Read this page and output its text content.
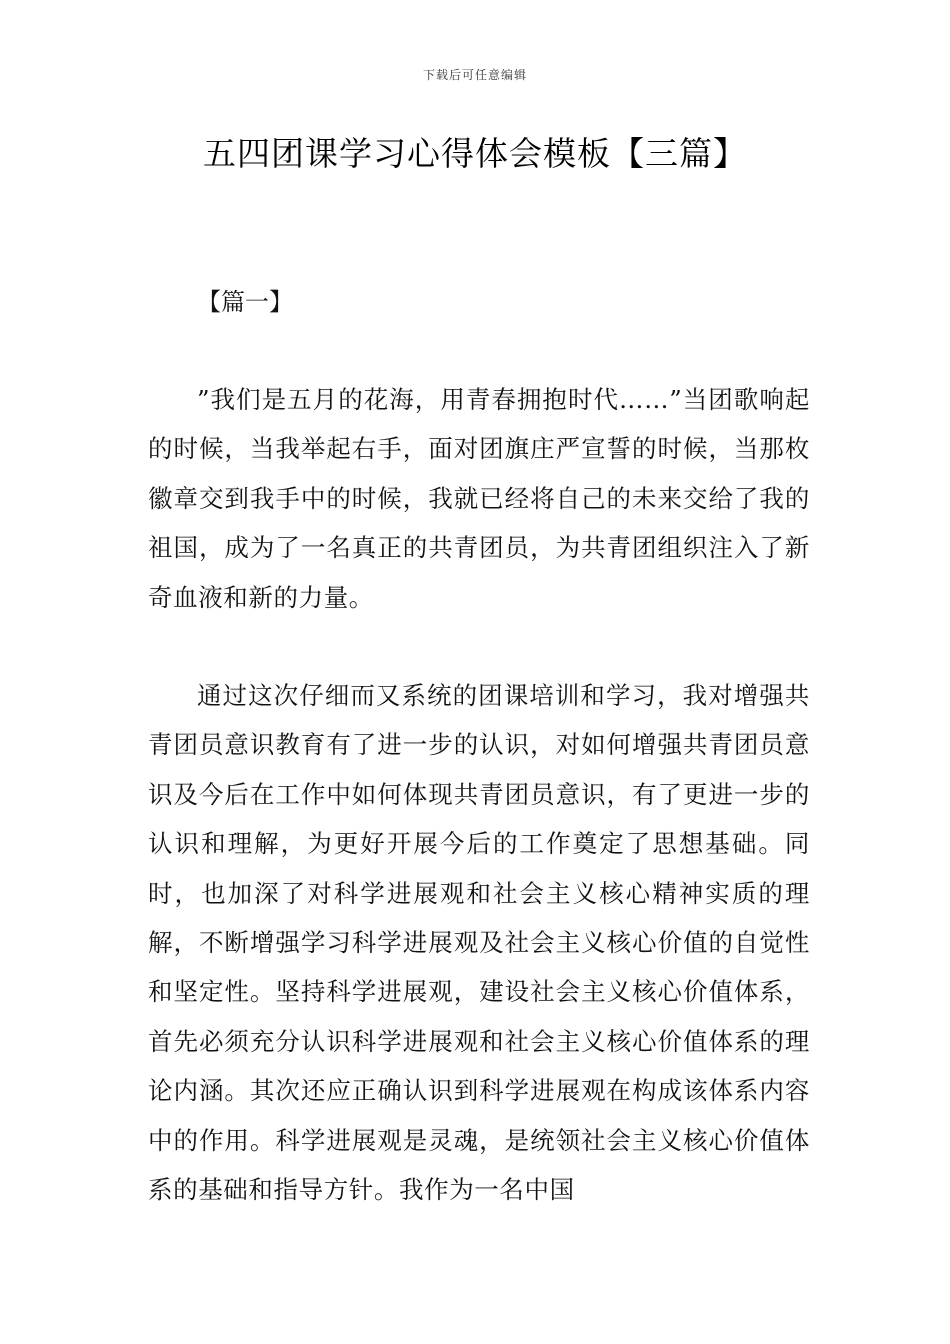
下载后可任意编辑
五四团课学习心得体会模板【三篇】
【篇一】

”我们是五月的花海，用青春拥抱时代……”当团歌响起的时候，当我举起右手，面对团旗庄严宣誓的时候，当那枚徽章交到我手中的时候，我就已经将自己的未来交给了我的祖国，成为了一名真正的共青团员，为共青团组织注入了新奇血液和新的力量。

通过这次仔细而又系统的团课培训和学习，我对增强共青团员意识教育有了进一步的认识，对如何增强共青团员意识及今后在工作中如何体现共青团员意识，有了更进一步的认识和理解，为更好开展今后的工作奠定了思想基础。同时，也加深了对科学进展观和社会主义核心精神实质的理解，不断增强学习科学进展观及社会主义核心价值的自觉性和坚定性。坚持科学进展观，建设社会主义核心价值体系，首先必须充分认识科学进展观和社会主义核心价值体系的理论内涵。其次还应正确认识到科学进展观在构成该体系内容中的作用。科学进展观是灵魂，是统领社会主义核心价值体系的基础和指导方针。我作为一名中国
